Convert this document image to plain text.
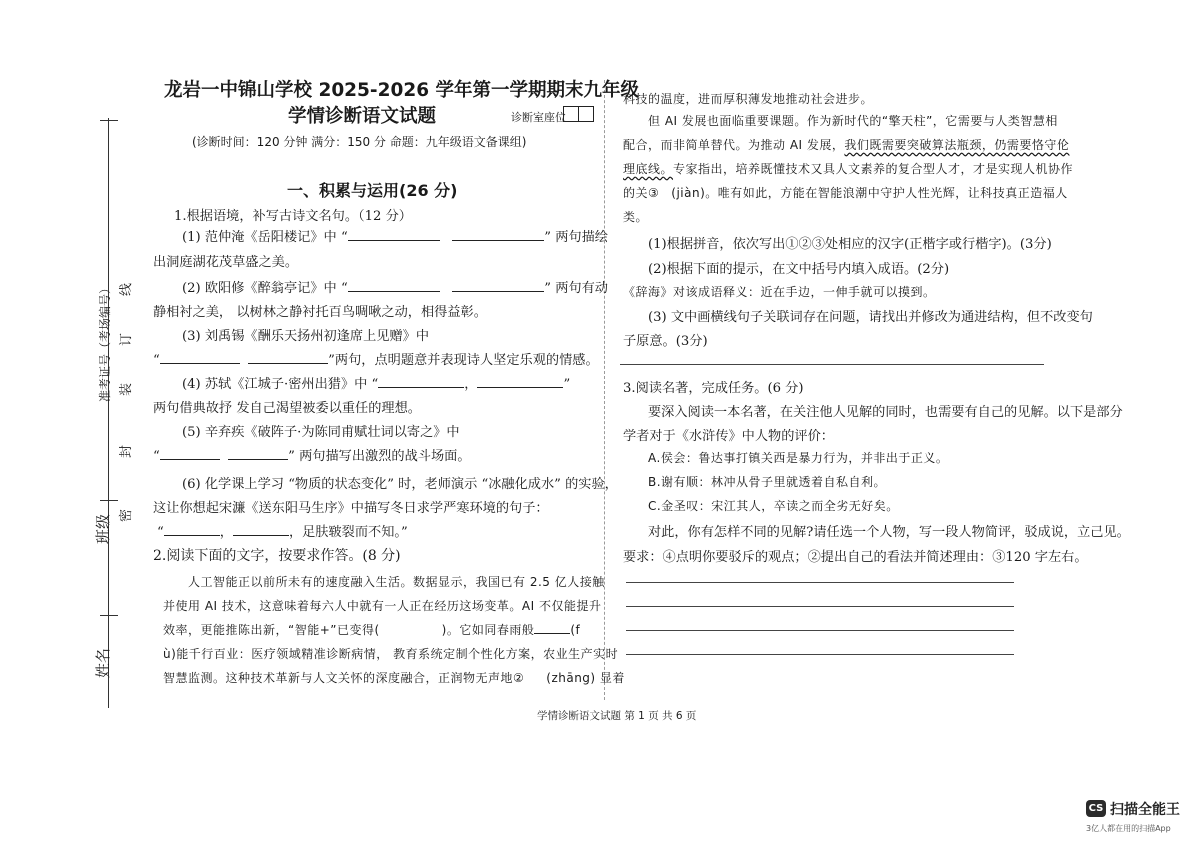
姓名
班级
准考证号（考场编号）
密
封
装
订
线
龙岩一中锦山学校 2025-2026 学年第一学期期末九年级
学情诊断语文试题	诊断室座位
(诊断时间：120 分钟 满分：150 分 命题：九年级语文备课组)
一、积累与运用(26 分)
1.根据语境，补写古诗文名句。（12 分）
(1) 范仲淹《岳阳楼记》中 “	” 两句描绘
出洞庭湖花茂草盛之美。
(2) 欧阳修《醉翁亭记》中 “	” 两句有动
静相衬之美， 以树林之静衬托百鸟啁啾之动，相得益彰。
(3) 刘禹锡《酬乐天扬州初逢席上见赠》中
“	”两句，点明题意并表现诗人坚定乐观的情感。
(4) 苏轼《江城子·密州出猎》中 “	，	”
两句借典故抒 发自己渴望被委以重任的理想。
(5) 辛弃疾《破阵子·为陈同甫赋壮词以寄之》中
“	” 两句描写出激烈的战斗场面。
(6) 化学课上学习 “物质的状态变化” 时，老师演示 “冰融化成水” 的实验，
这让你想起宋濂《送东阳马生序》中描写冬日求学严寒环境的句子：
“	，	，足肤皲裂而不知。”
2.阅读下面的文字，按要求作答。(8 分)
人工智能正以前所未有的速度融入生活。数据显示，我国已有 2.5 亿人接触
并使用 AI 技术，这意味着每六人中就有一人正在经历这场变革。AI 不仅能提升
效率，更能推陈出新，“智能+”已变得(	)。它如同春雨般	(f
ù)能千行百业：医疗领域精准诊断病情， 教育系统定制个性化方案，农业生产实时
智慧监测。这种技术革新与人文关怀的深度融合，正润物无声地② (zhāng) 显着
科技的温度，进而厚积薄发地推动社会进步。
但 AI 发展也面临重要课题。作为新时代的“擎天柱”，它需要与人类智慧相
配合，而非简单替代。为推动 AI 发展，我们既需要突破算法瓶颈，仍需要恪守伦
理底线。专家指出，培养既懂技术又具人文素养的复合型人才，才是实现人机协作
的关③ (jiàn)。唯有如此，方能在智能浪潮中守护人性光辉，让科技真正造福人
类。
(1)根据拼音，依次写出①②③处相应的汉字(正楷字或行楷字)。(3分)
(2)根据下面的提示，在文中括号内填入成语。(2分)
《辞海》对该成语释义：近在手边，一伸手就可以摸到。
(3) 文中画横线句子关联词存在问题，请找出并修改为通进结构，但不改变句
子原意。(3分)
3.阅读名著，完成任务。(6 分)
要深入阅读一本名著，在关注他人见解的同时，也需要有自己的见解。以下是部分
学者对于《水浒传》中人物的评价：
A.侯会：鲁达事打镇关西是暴力行为，并非出于正义。
B.谢有顺：林冲从骨子里就透着自私自利。
C.金圣叹：宋江其人，卒读之而全劣无好矣。
对此，你有怎样不同的见解?请任选一个人物，写一段人物简评，驳成说，立己见。
要求：④点明你要驳斥的观点；②提出自己的看法并简述理由：③120 字左右。
学情诊断语文试题 第 1 页 共 6 页
CS 扫描全能王
3亿人都在用的扫描App
